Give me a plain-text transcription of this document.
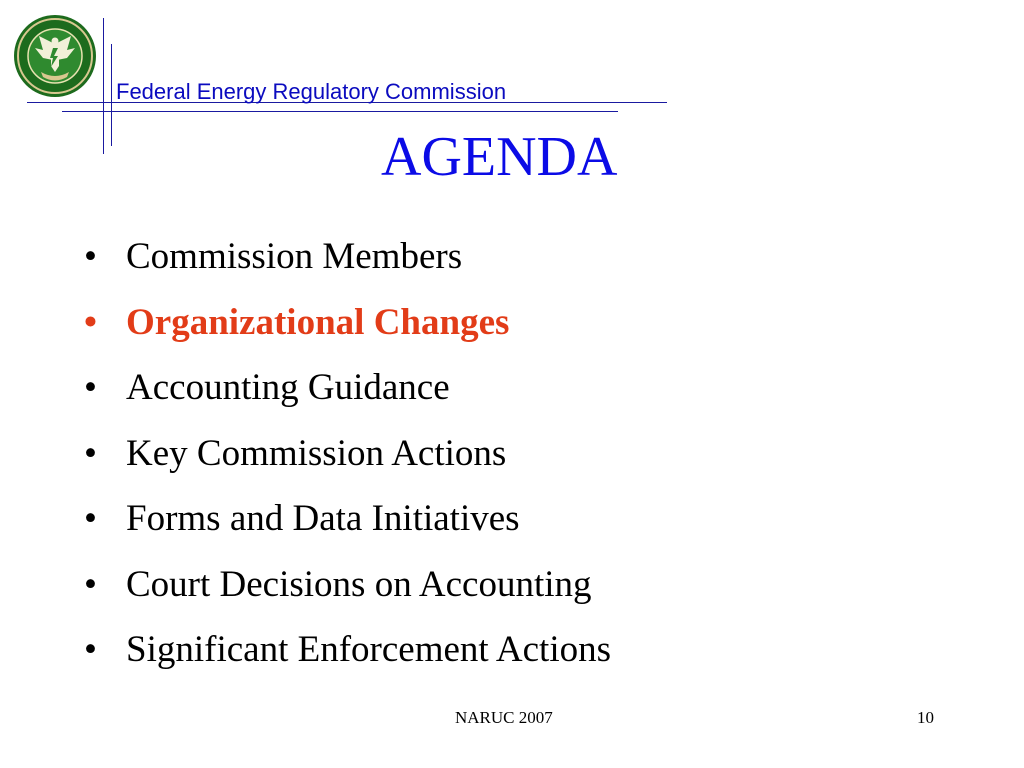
Federal Energy Regulatory Commission
AGENDA
• Commission Members
• Organizational Changes
• Accounting Guidance
• Key Commission Actions
• Forms and Data Initiatives
• Court Decisions on Accounting
• Significant Enforcement Actions
NARUC 2007	10
